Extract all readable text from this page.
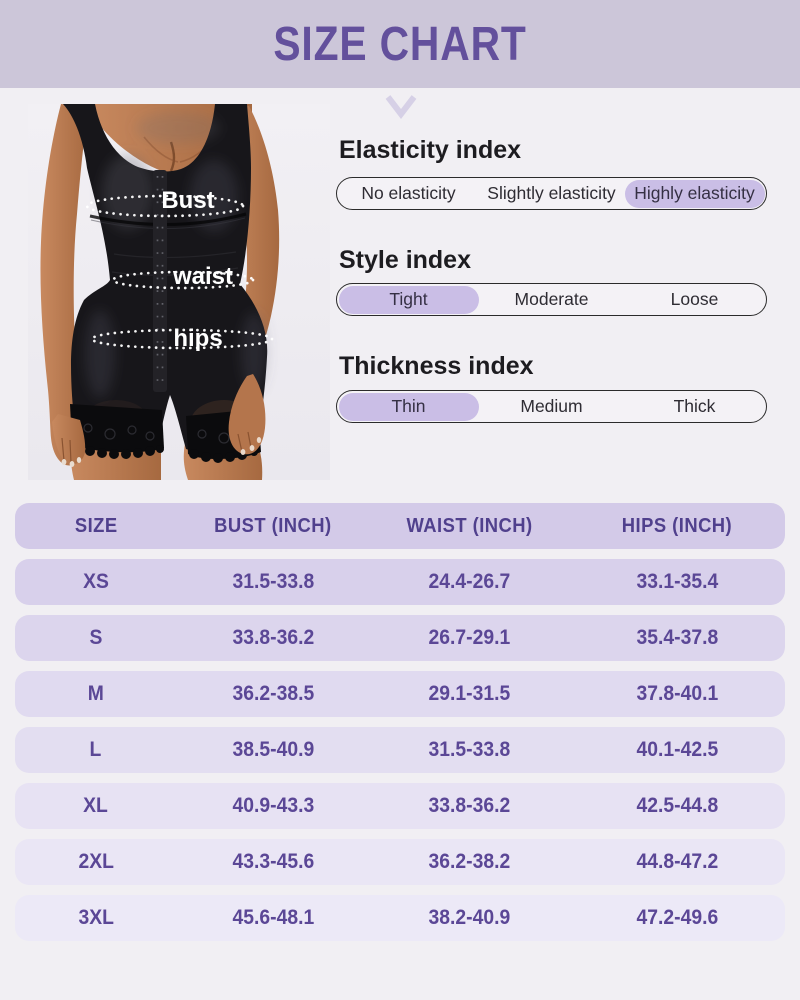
SIZE CHART
Bust
waist
hips
Elasticity index
No elasticity	Slightly elasticity	Highly elasticity
Style index
Tight	Moderate	Loose
Thickness index
Thin	Medium	Thick
SIZE	BUST (INCH)	WAIST (INCH)	HIPS (INCH)
XS	31.5-33.8	24.4-26.7	33.1-35.4
S	33.8-36.2	26.7-29.1	35.4-37.8
M	36.2-38.5	29.1-31.5	37.8-40.1
L	38.5-40.9	31.5-33.8	40.1-42.5
XL	40.9-43.3	33.8-36.2	42.5-44.8
2XL	43.3-45.6	36.2-38.2	44.8-47.2
3XL	45.6-48.1	38.2-40.9	47.2-49.6
